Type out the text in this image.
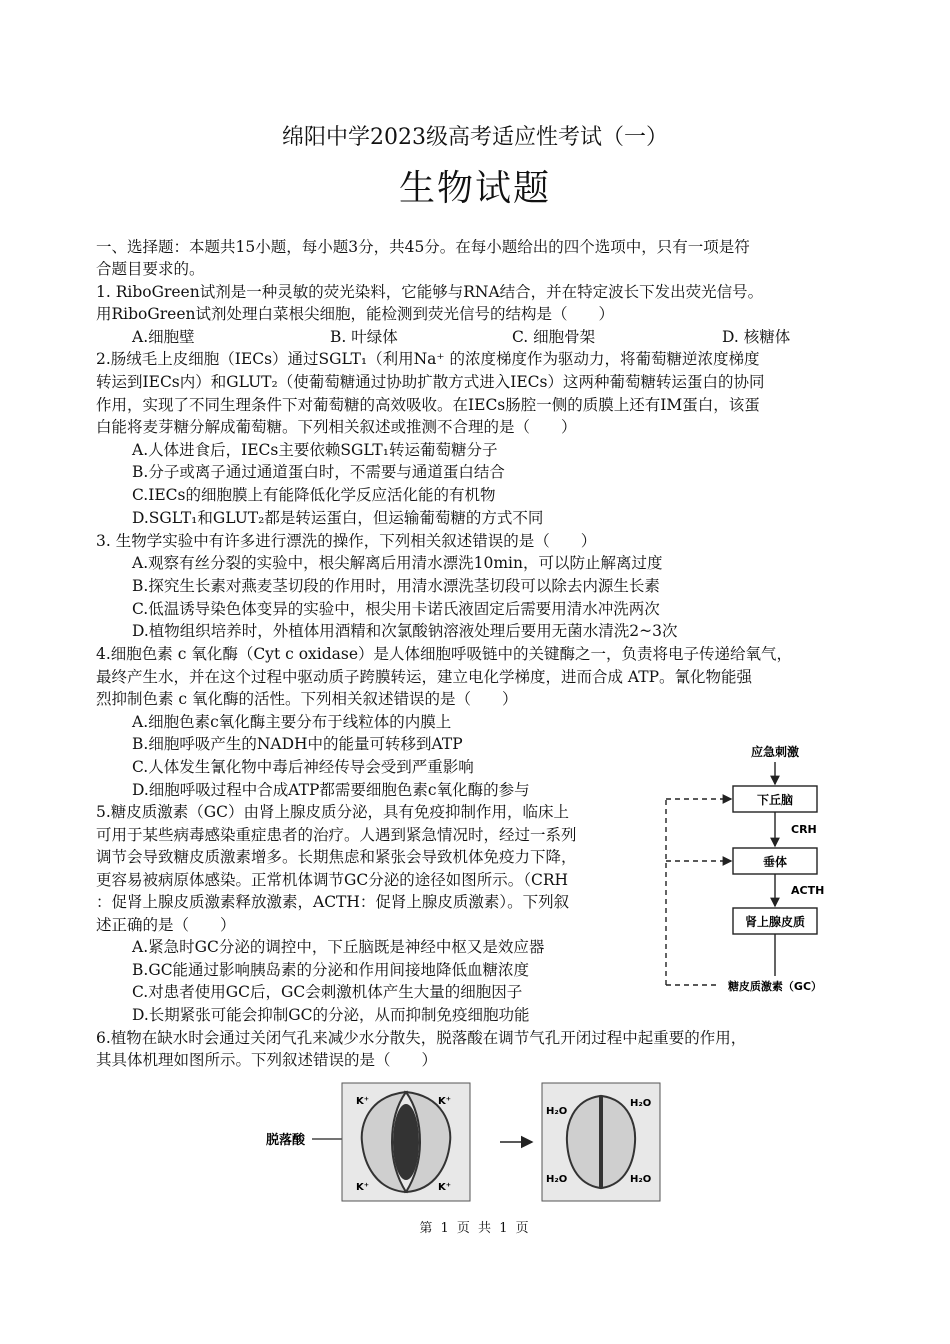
绵阳中学2023级高考适应性考试（一）
生物试题
一、选择题：本题共15小题，每小题3分，共45分。在每小题给出的四个选项中，只有一项是符
合题目要求的。
1. RiboGreen试剂是一种灵敏的荧光染料，它能够与RNA结合，并在特定波长下发出荧光信号。
用RiboGreen试剂处理白菜根尖细胞，能检测到荧光信号的结构是（　　）
A.细胞壁	B. 叶绿体	C. 细胞骨架	D. 核糖体
2.肠绒毛上皮细胞（IECs）通过SGLT₁（利用Na⁺ 的浓度梯度作为驱动力，将葡萄糖逆浓度梯度
转运到IECs内）和GLUT₂（使葡萄糖通过协助扩散方式进入IECs）这两种葡萄糖转运蛋白的协同
作用，实现了不同生理条件下对葡萄糖的高效吸收。在IECs肠腔一侧的质膜上还有IM蛋白，该蛋
白能将麦芽糖分解成葡萄糖。下列相关叙述或推测不合理的是（　　）
A.人体进食后，IECs主要依赖SGLT₁转运葡萄糖分子
B.分子或离子通过通道蛋白时，不需要与通道蛋白结合
C.IECs的细胞膜上有能降低化学反应活化能的有机物
D.SGLT₁和GLUT₂都是转运蛋白，但运输葡萄糖的方式不同
3. 生物学实验中有许多进行漂洗的操作，下列相关叙述错误的是（　　）
A.观察有丝分裂的实验中，根尖解离后用清水漂洗10min，可以防止解离过度
B.探究生长素对燕麦茎切段的作用时，用清水漂洗茎切段可以除去内源生长素
C.低温诱导染色体变异的实验中，根尖用卡诺氏液固定后需要用清水冲洗两次
D.植物组织培养时，外植体用酒精和次氯酸钠溶液处理后要用无菌水清洗2~3次
4.细胞色素 c 氧化酶（Cyt c oxidase）是人体细胞呼吸链中的关键酶之一，负责将电子传递给氧气，
最终产生水，并在这个过程中驱动质子跨膜转运，建立电化学梯度，进而合成 ATP。氰化物能强
烈抑制色素 c 氧化酶的活性。下列相关叙述错误的是（　　）
A.细胞色素c氧化酶主要分布于线粒体的内膜上
B.细胞呼吸产生的NADH中的能量可转移到ATP
C.人体发生氰化物中毒后神经传导会受到严重影响
D.细胞呼吸过程中合成ATP都需要细胞色素c氧化酶的参与
5.糖皮质激素（GC）由肾上腺皮质分泌，具有免疫抑制作用，临床上
可用于某些病毒感染重症患者的治疗。人遇到紧急情况时，经过一系列
调节会导致糖皮质激素增多。长期焦虑和紧张会导致机体免疫力下降，
更容易被病原体感染。正常机体调节GC分泌的途径如图所示。（CRH
：促肾上腺皮质激素释放激素，ACTH：促肾上腺皮质激素）。下列叙
述正确的是（　　）
A.紧急时GC分泌的调控中，下丘脑既是神经中枢又是效应器
B.GC能通过影响胰岛素的分泌和作用间接地降低血糖浓度
C.对患者使用GC后，GC会刺激机体产生大量的细胞因子
D.长期紧张可能会抑制GC的分泌，从而抑制免疫细胞功能
6.植物在缺水时会通过关闭气孔来减少水分散失，脱落酸在调节气孔开闭过程中起重要的作用，
其具体机理如图所示。下列叙述错误的是（　　）
应急刺激
下丘脑
CRH
垂体
ACTH
肾上腺皮质
糖皮质激素（GC）
脱落酸
K⁺	K⁺
K⁺	K⁺
H₂O
H₂O
H₂O	H₂O
第 1 页 共 1 页
